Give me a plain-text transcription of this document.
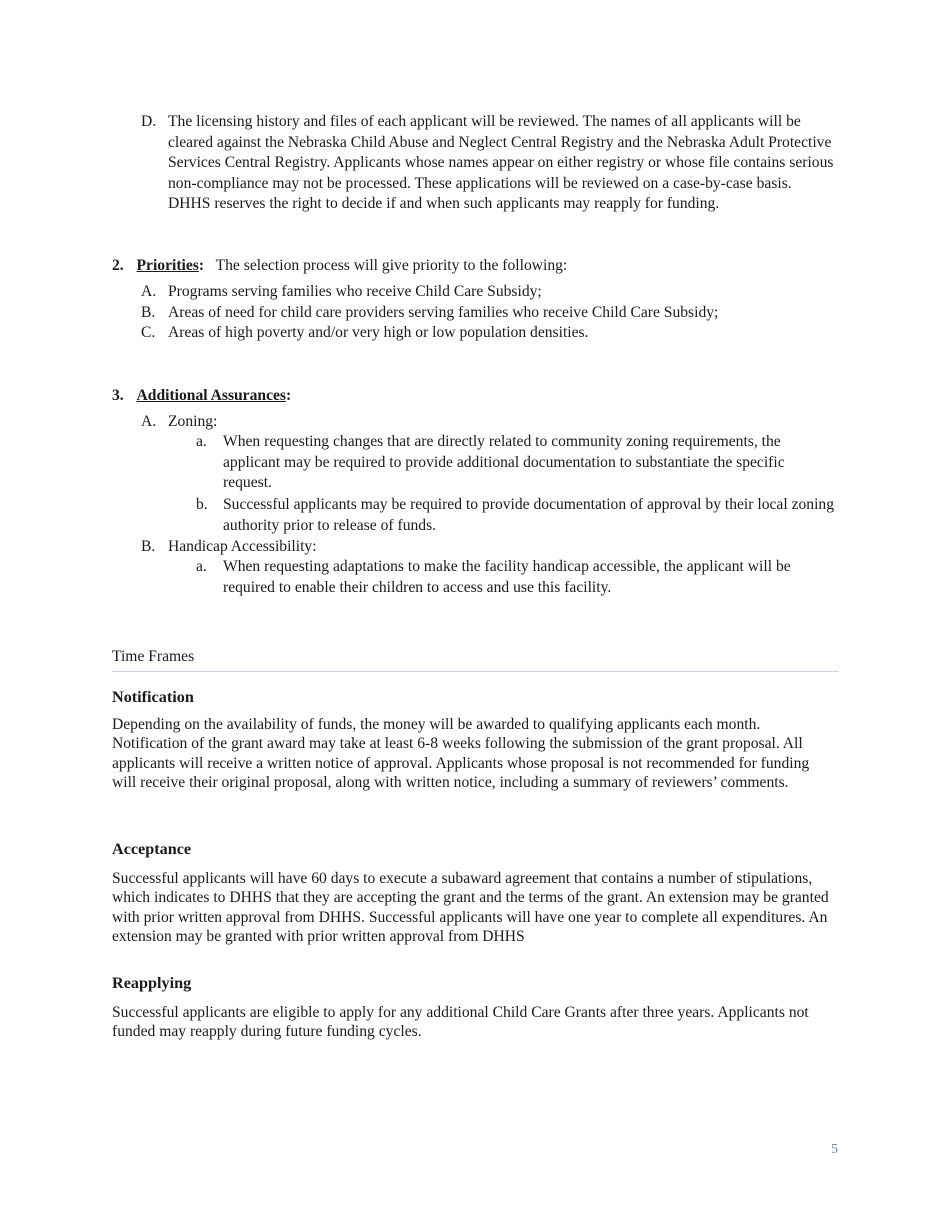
D. The licensing history and files of each applicant will be reviewed. The names of all applicants will be cleared against the Nebraska Child Abuse and Neglect Central Registry and the Nebraska Adult Protective Services Central Registry. Applicants whose names appear on either registry or whose file contains serious non-compliance may not be processed. These applications will be reviewed on a case-by-case basis. DHHS reserves the right to decide if and when such applicants may reapply for funding.

2. Priorities: The selection process will give priority to the following:
A. Programs serving families who receive Child Care Subsidy;
B. Areas of need for child care providers serving families who receive Child Care Subsidy;
C. Areas of high poverty and/or very high or low population densities.
3. Additional Assurances:
A. Zoning:
a. When requesting changes that are directly related to community zoning requirements, the applicant may be required to provide additional documentation to substantiate the specific request.

b. Successful applicants may be required to provide documentation of approval by their local zoning authority prior to release of funds.

B. Handicap Accessibility:
a. When requesting adaptations to make the facility handicap accessible, the applicant will be required to enable their children to access and use this facility.

Time Frames
Notification

Depending on the availability of funds, the money will be awarded to qualifying applicants each month. Notification of the grant award may take at least 6-8 weeks following the submission of the grant proposal. All applicants will receive a written notice of approval. Applicants whose proposal is not recommended for funding will receive their original proposal, along with written notice, including a summary of reviewers’ comments.

Acceptance

Successful applicants will have 60 days to execute a subaward agreement that contains a number of stipulations, which indicates to DHHS that they are accepting the grant and the terms of the grant. An extension may be granted with prior written approval from DHHS. Successful applicants will have one year to complete all expenditures. An extension may be granted with prior written approval from DHHS

Reapplying

Successful applicants are eligible to apply for any additional Child Care Grants after three years. Applicants not funded may reapply during future funding cycles.

5
